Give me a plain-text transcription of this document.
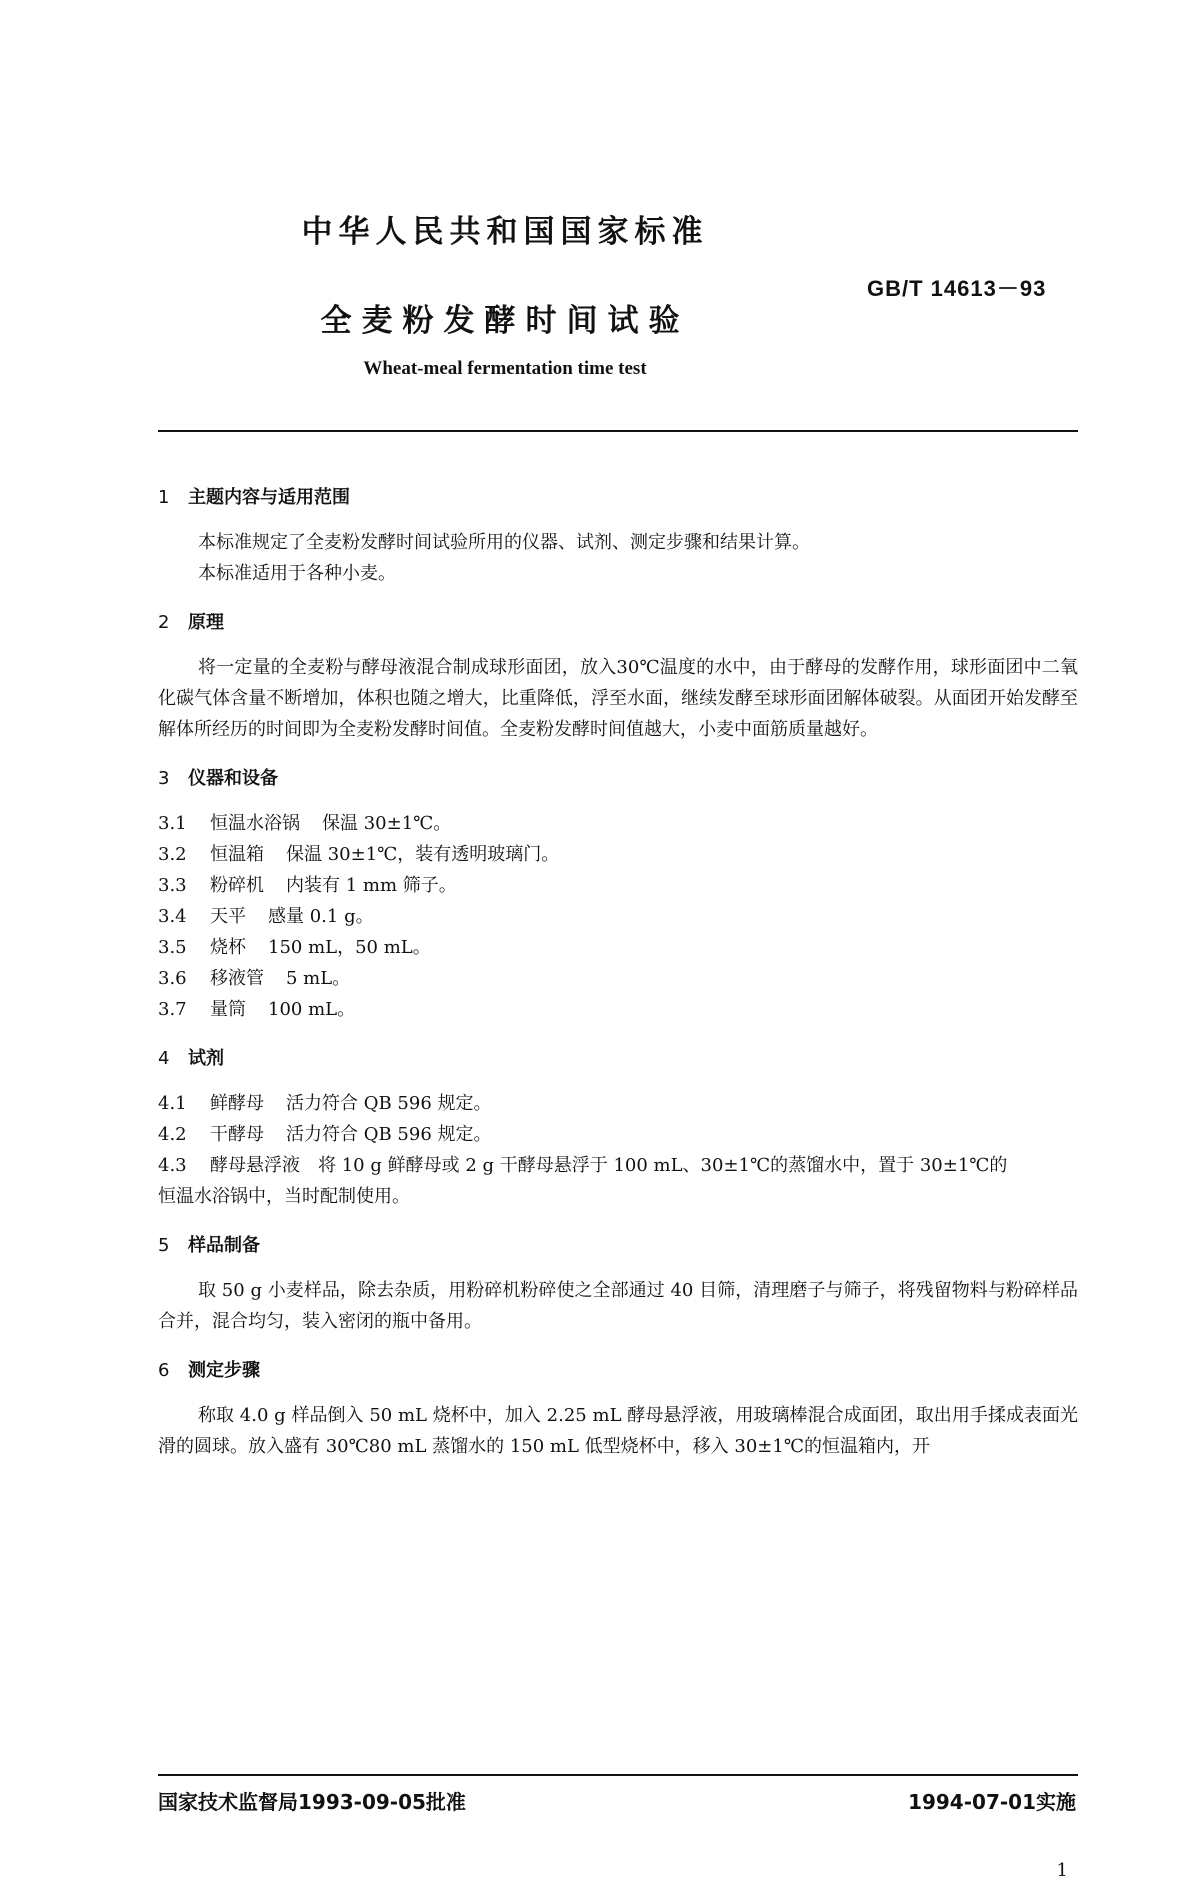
中华人民共和国国家标准
GB/T 14613－93
全麦粉发酵时间试验
Wheat-meal fermentation time test

1 主题内容与适用范围

本标准规定了全麦粉发酵时间试验所用的仪器、试剂、测定步骤和结果计算。

本标准适用于各种小麦。

2 原理

将一定量的全麦粉与酵母液混合制成球形面团，放入30℃温度的水中，由于酵母的发酵作用，球形面团中二氧化碳气体含量不断增加，体积也随之增大，比重降低，浮至水面，继续发酵至球形面团解体破裂。从面团开始发酵至解体所经历的时间即为全麦粉发酵时间值。全麦粉发酵时间值越大，小麦中面筋质量越好。

3 仪器和设备

3.1 恒温水浴锅 保温 30±1℃。

3.2 恒温箱 保温 30±1℃，装有透明玻璃门。

3.3 粉碎机 内装有 1 mm 筛子。

3.4 天平 感量 0.1 g。

3.5 烧杯 150 mL，50 mL。

3.6 移液管 5 mL。

3.7 量筒 100 mL。

4 试剂

4.1 鲜酵母 活力符合 QB 596 规定。

4.2 干酵母 活力符合 QB 596 规定。

4.3 酵母悬浮液 将 10 g 鲜酵母或 2 g 干酵母悬浮于 100 mL、30±1℃的蒸馏水中，置于 30±1℃的

恒温水浴锅中，当时配制使用。

5 样品制备

取 50 g 小麦样品，除去杂质，用粉碎机粉碎使之全部通过 40 目筛，清理磨子与筛子，将残留物料与粉碎样品合并，混合均匀，装入密闭的瓶中备用。

6 测定步骤

称取 4.0 g 样品倒入 50 mL 烧杯中，加入 2.25 mL 酵母悬浮液，用玻璃棒混合成面团，取出用手揉成表面光滑的圆球。放入盛有 30℃80 mL 蒸馏水的 150 mL 低型烧杯中，移入 30±1℃的恒温箱内，开

国家技术监督局1993-09-05批准	1994-07-01实施
1
